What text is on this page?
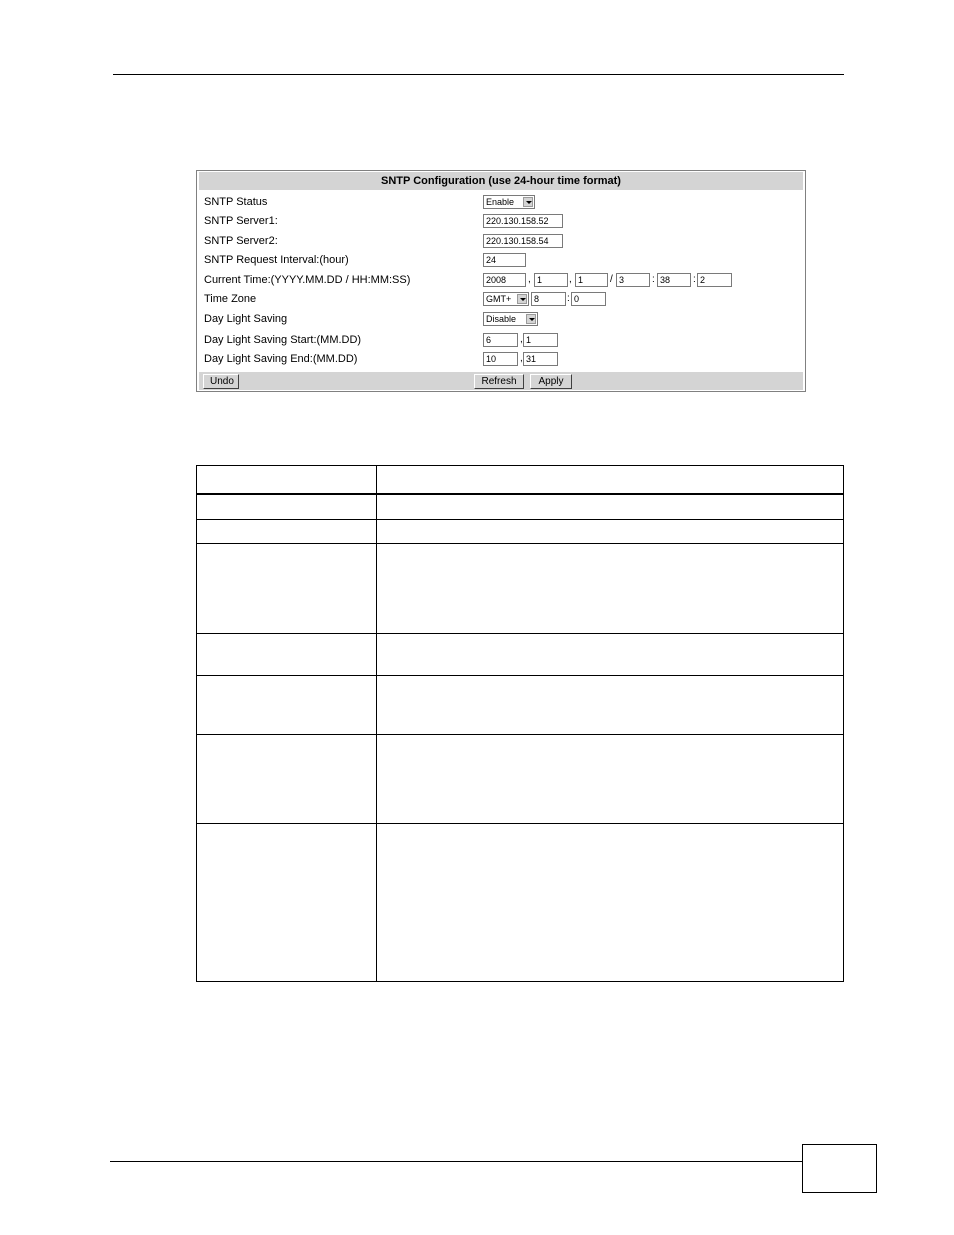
SNTP Configuration (use 24-hour time format)
SNTP Status	Enable
SNTP Server1:	220.130.158.52
SNTP Server2:	220.130.158.54
SNTP Request Interval:(hour)	24
Current Time:(YYYY.MM.DD / HH:MM:SS)	2008	, 1	, 1	/ 3	: 38	: 2
Time Zone	GMT+	8	: 0
Day Light Saving	Disable
Day Light Saving Start:(MM.DD)	6	, 1
Day Light Saving End:(MM.DD)	10	, 31
Undo	Refresh	Apply
